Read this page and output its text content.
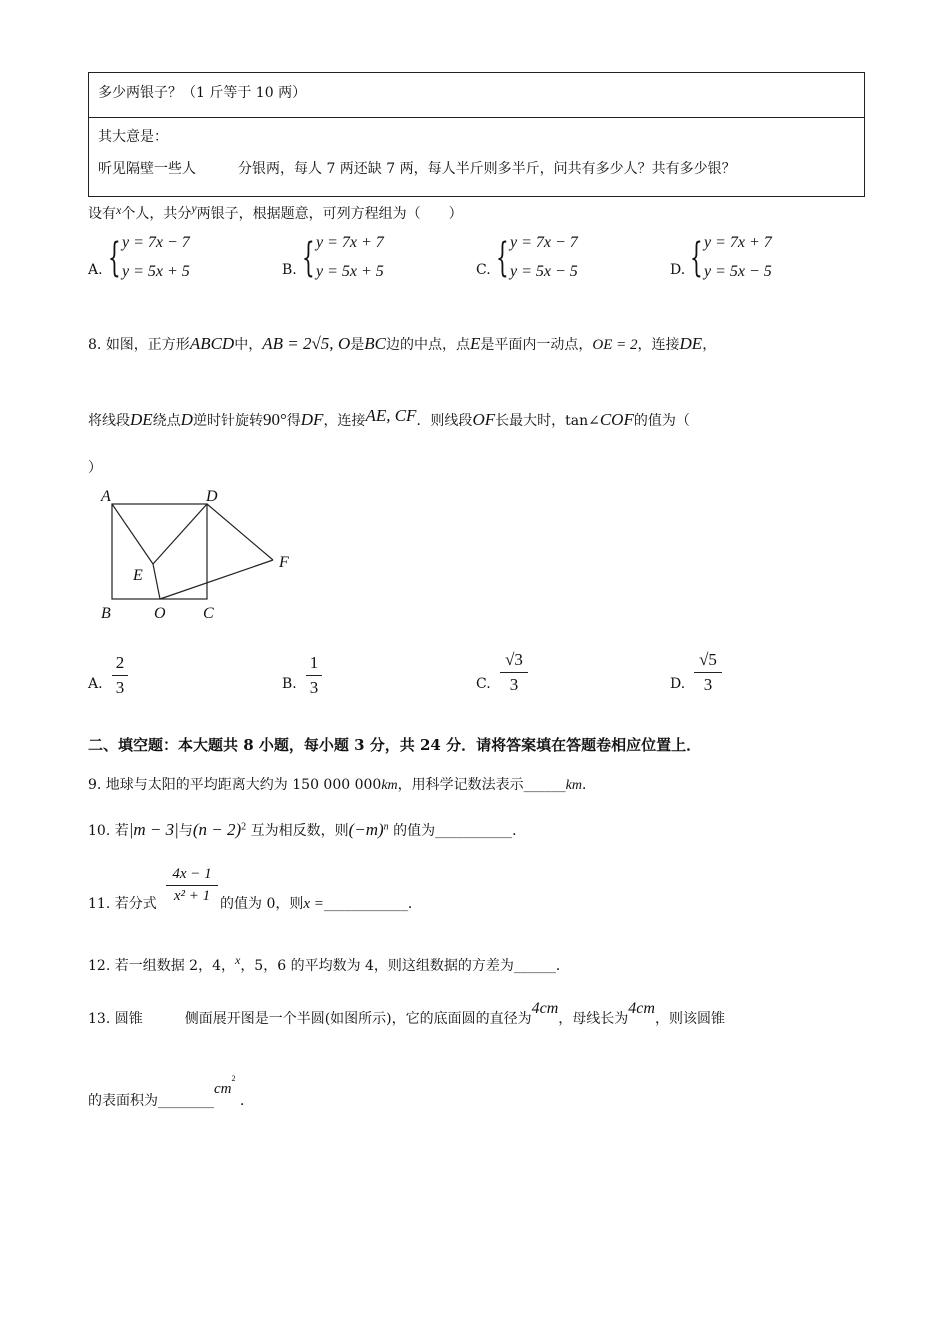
多少两银子？（1 斤等于 10 两）
其大意是：
听见隔壁一些人　　　分银两，每人 7 两还缺 7 两，每人半斤则多半斤，问共有多少人？共有多少银？
设有x个人，共分y两银子，根据题意，可列方程组为（　　）
A. { y = 7x − 7
y = 5x + 5	B. { y = 7x + 7
y = 5x + 5	C. { y = 7x − 7
y = 5x − 5	D. { y = 7x + 7
y = 5x − 5
8. 如图，正方形ABCD中，AB = 2√5, O是BC边的中点，点E是平面内一动点，OE = 2，连接DE，
将线段DE绕点D逆时针旋转90°得DF，连接AE, CF．则线段OF长最大时，tan∠COF的值为（
）
A	D
E
F
B	O C
A.
2
3	B.
1
3	C.
√3
3	D.
√5
3
二、填空题：本大题共 8 小题，每小题 3 分，共 24 分．请将答案填在答题卷相应位置上．
9. 地球与太阳的平均距离大约为 150 000 000km，用科学记数法表示______km．
10. 若|m − 3|与$(n - 2)^2$ 互为相反数，则$(-m)^n$ 的值为___________．
11. 若分式
4x − 1
x² + 1 的值为 0，则x =____________．
12. 若一组数据 2，4，x，5，6 的平均数为 4，则这组数据的方差为______．
13. 圆锥　　　侧面展开图是一个半圆(如图所示)，它的底面圆的直径为4cm，母线长为4cm，则该圆锥
的表面积为$\_\_\_\_\_\_\_\_cm^2$ ．
